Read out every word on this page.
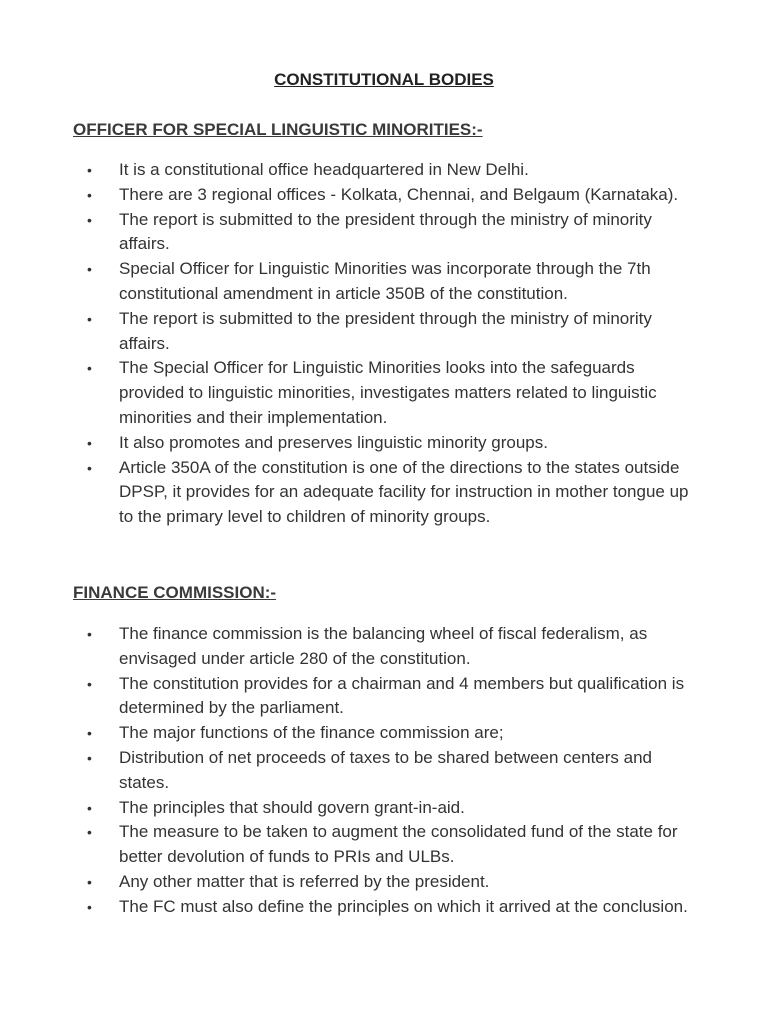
CONSTITUTIONAL BODIES
OFFICER FOR SPECIAL LINGUISTIC MINORITIES:-
• It is a constitutional office headquartered in New Delhi.
• There are 3 regional offices - Kolkata, Chennai, and Belgaum (Karnataka).
• The report is submitted to the president through the ministry of minority affairs.
• Special Officer for Linguistic Minorities was incorporate through the 7th constitutional amendment in article 350B of the constitution.
• The report is submitted to the president through the ministry of minority affairs.
• The Special Officer for Linguistic Minorities looks into the safeguards provided to linguistic minorities, investigates matters related to linguistic minorities and their implementation.
• It also promotes and preserves linguistic minority groups.
• Article 350A of the constitution is one of the directions to the states outside DPSP, it provides for an adequate facility for instruction in mother tongue up to the primary level to children of minority groups.
FINANCE COMMISSION:-
• The finance commission is the balancing wheel of fiscal federalism, as envisaged under article 280 of the constitution.
• The constitution provides for a chairman and 4 members but qualification is determined by the parliament.
• The major functions of the finance commission are;
• Distribution of net proceeds of taxes to be shared between centers and states.
• The principles that should govern grant-in-aid.
• The measure to be taken to augment the consolidated fund of the state for better devolution of funds to PRIs and ULBs.
• Any other matter that is referred by the president.
• The FC must also define the principles on which it arrived at the conclusion.
